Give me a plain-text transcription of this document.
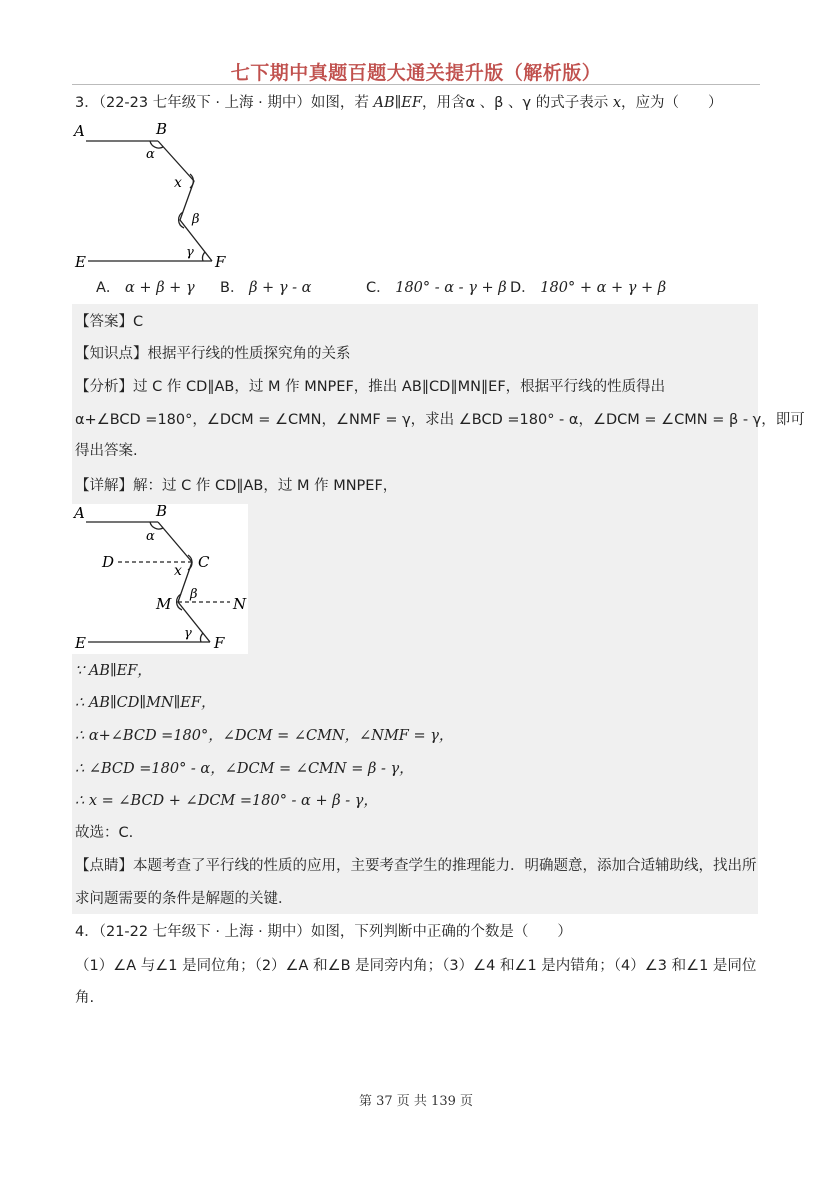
七下期中真题百题大通关提升版（解析版）
3．（22-23 七年级下 · 上海 · 期中）如图，若 AB∥EF，用含α 、β 、γ 的式子表示 x，应为（　　）
A	B
α
x
β
γ
E	F
A． α + β + γ B． β + γ - α	C． 180° - α - γ + β D． 180° + α + γ + β
【答案】C
【知识点】根据平行线的性质探究角的关系
【分析】过 C 作 CD∥AB，过 M 作 MNPEF，推出 AB∥CD∥MN∥EF，根据平行线的性质得出
α+∠BCD =180°，∠DCM = ∠CMN，∠NMF = γ，求出 ∠BCD =180° - α，∠DCM = ∠CMN = β - γ，即可
得出答案.
【详解】解：过 C 作 CD∥AB，过 M 作 MNPEF，
A	B
α
D	C
x
β
M	N
γ
E	F
∵ AB∥EF，
∴ AB∥CD∥MN∥EF，
∴ α+∠BCD =180°，∠DCM = ∠CMN，∠NMF = γ，
∴ ∠BCD =180° - α，∠DCM = ∠CMN = β - γ，
∴ x = ∠BCD + ∠DCM =180° - α + β - γ，
故选：C.
【点睛】本题考查了平行线的性质的应用，主要考查学生的推理能力．明确题意，添加合适辅助线，找出所
求问题需要的条件是解题的关键．
4．（21-22 七年级下 · 上海 · 期中）如图，下列判断中正确的个数是（　　）
（1）∠A 与∠1 是同位角；（2）∠A 和∠B 是同旁内角；（3）∠4 和∠1 是内错角；（4）∠3 和∠1 是同位
角.
第 37 页 共 139 页
